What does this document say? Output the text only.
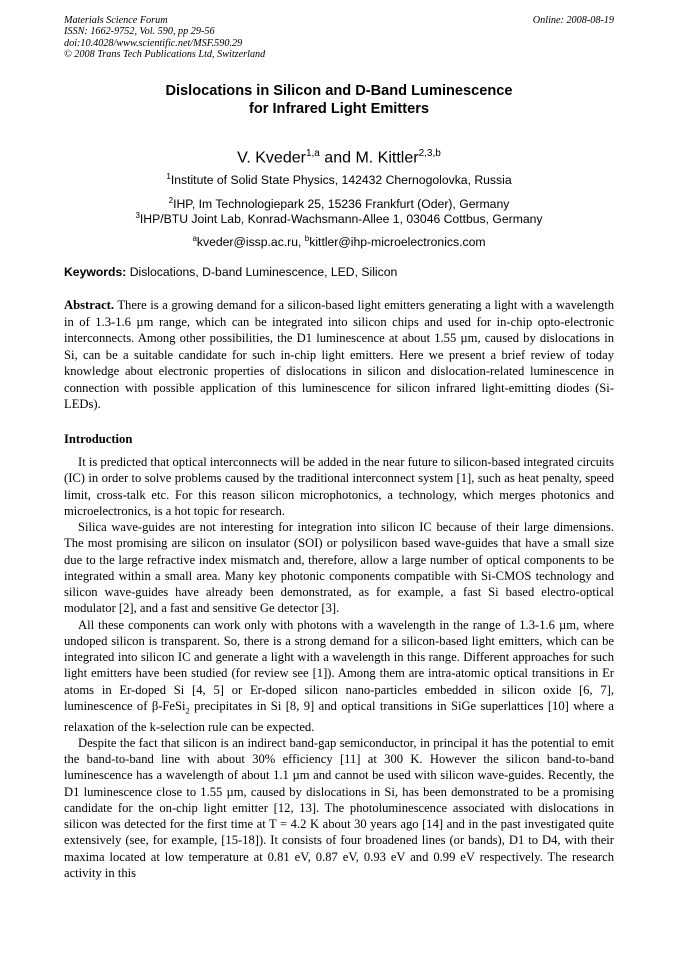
Materials Science Forum
ISSN: 1662-9752, Vol. 590, pp 29-56
doi:10.4028/www.scientific.net/MSF.590.29
© 2008 Trans Tech Publications Ltd, Switzerland
Online: 2008-08-19
Dislocations in Silicon and D-Band Luminescence
for Infrared Light Emitters
V. Kveder$^{1,a}$ and M. Kittler$^{2,3,b}$
$^1$Institute of Solid State Physics, 142432 Chernogolovka, Russia
$^2$IHP, Im Technologiepark 25, 15236 Frankfurt (Oder), Germany
$^3$IHP/BTU Joint Lab, Konrad-Wachsmann-Allee 1, 03046 Cottbus, Germany
$^a$kveder@issp.ac.ru, $^b$kittler@ihp-microelectronics.com
Keywords: Dislocations, D-band Luminescence, LED, Silicon
Abstract. There is a growing demand for a silicon-based light emitters generating a light with a wavelength in of 1.3-1.6 µm range, which can be integrated into silicon chips and used for in-chip opto-electronic interconnects. Among other possibilities, the D1 luminescence at about 1.55 µm, caused by dislocations in Si, can be a suitable candidate for such in-chip light emitters. Here we present a brief review of today knowledge about electronic properties of dislocations in silicon and dislocation-related luminescence in connection with possible application of this luminescence for silicon infrared light-emitting diodes (Si-LEDs).
Introduction

It is predicted that optical interconnects will be added in the near future to silicon-based integrated circuits (IC) in order to solve problems caused by the traditional interconnect system [1], such as heat penalty, speed limit, cross-talk etc. For this reason silicon microphotonics, a technology, which merges photonics and microelectronics, is a hot topic for research.

Silica wave-guides are not interesting for integration into silicon IC because of their large dimensions. The most promising are silicon on insulator (SOI) or polysilicon based wave-guides that have a small size due to the large refractive index mismatch and, therefore, allow a large number of optical components to be integrated within a small area. Many key photonic components compatible with Si-CMOS technology and silicon wave-guides have already been demonstrated, as for example, a fast Si based electro-optical modulator [2], and a fast and sensitive Ge detector [3].

All these components can work only with photons with a wavelength in the range of 1.3-1.6 µm, where undoped silicon is transparent. So, there is a strong demand for a silicon-based light emitters, which can be integrated into silicon IC and generate a light with a wavelength in this range. Different approaches for such light emitters have been studied (for review see [1]). Among them are intra-atomic optical transitions in Er atoms in Er-doped Si [4, 5] or Er-doped silicon nano-particles embedded in silicon oxide [6, 7], luminescence of β-FeSi$_2$ precipitates in Si [8, 9] and optical transitions in SiGe superlattices [10] where a relaxation of the k-selection rule can be expected.

Despite the fact that silicon is an indirect band-gap semiconductor, in principal it has the potential to emit the band-to-band line with about 30% efficiency [11] at 300 K. However the silicon band-to-band luminescence has a wavelength of about 1.1 µm and cannot be used with silicon wave-guides. Recently, the D1 luminescence close to 1.55 µm, caused by dislocations in Si, has been demonstrated to be a promising candidate for the on-chip light emitter [12, 13]. The photoluminescence associated with dislocations in silicon was detected for the first time at T = 4.2 K about 30 years ago [14] and in the past investigated quite extensively (see, for example, [15-18]). It consists of four broadened lines (or bands), D1 to D4, with their maxima located at low temperature at 0.81 eV, 0.87 eV, 0.93 eV and 0.99 eV respectively. The research activity in this
